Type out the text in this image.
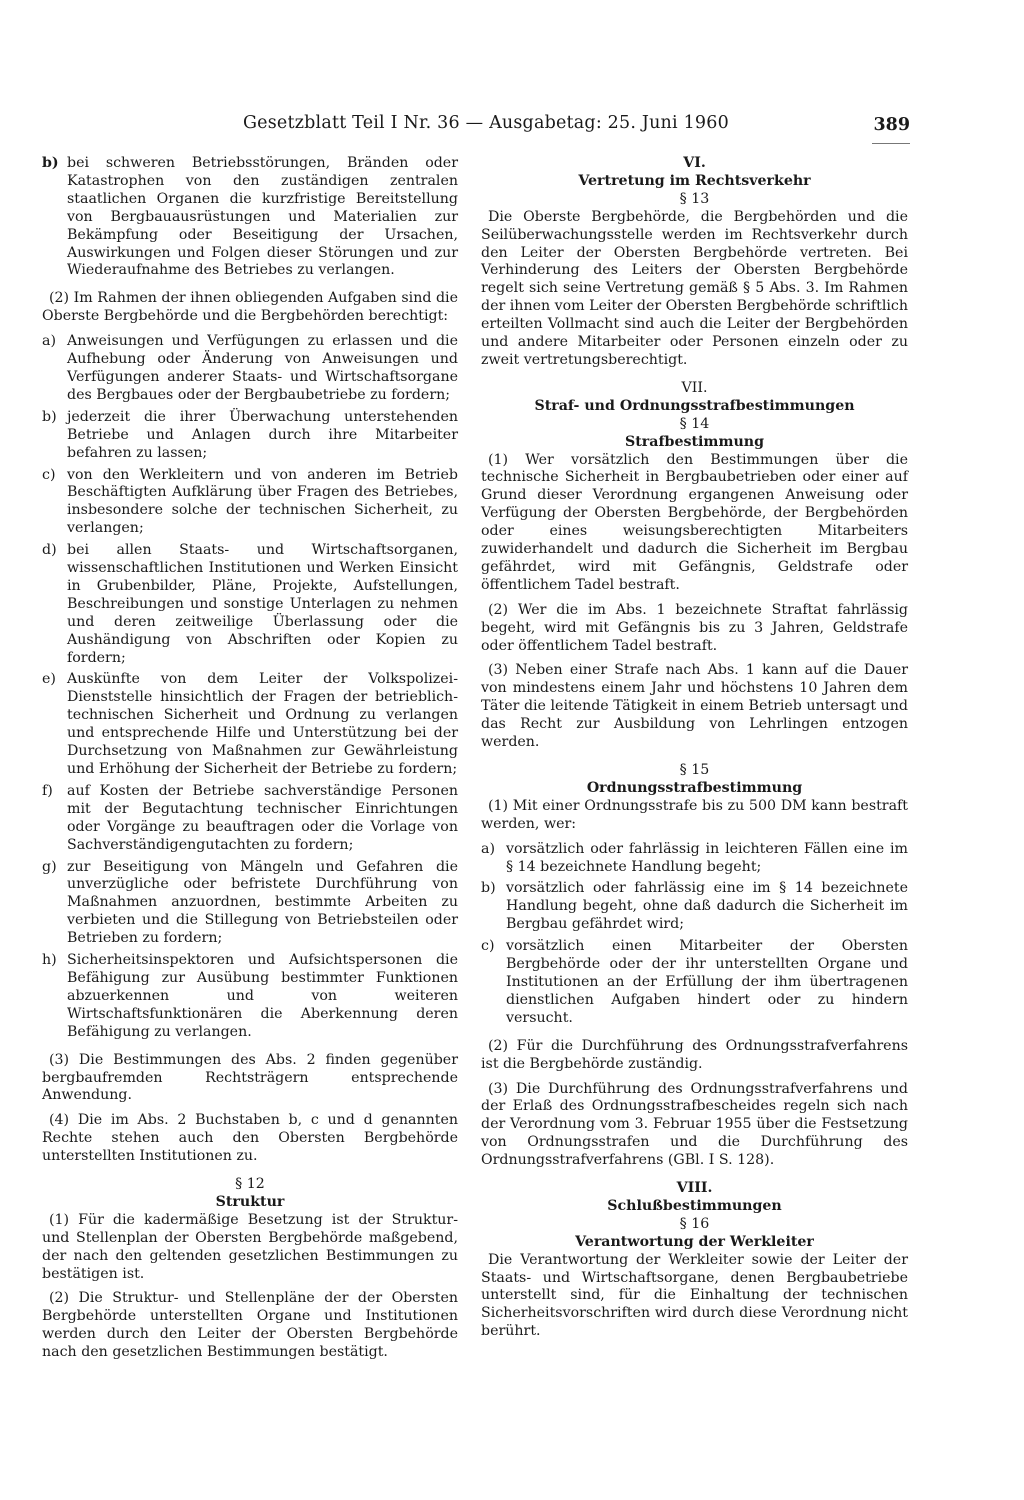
Gesetzblatt Teil I Nr. 36 — Ausgabetag: 25. Juni 1960	389
b) bei schweren Betriebsstörungen, Bränden oder Katastrophen von den zuständigen zentralen staatlichen Organen die kurzfristige Bereitstellung von Bergbauausrüstungen und Materialien zur Bekämpfung oder Beseitigung der Ursachen, Auswirkungen und Folgen dieser Störungen und zur Wiederaufnahme des Betriebes zu verlangen.

(2) Im Rahmen der ihnen obliegenden Aufgaben sind die Oberste Bergbehörde und die Bergbehörden berechtigt:

a) Anweisungen und Verfügungen zu erlassen und die Aufhebung oder Änderung von Anweisungen und Verfügungen anderer Staats- und Wirtschaftsorgane des Bergbaues oder der Bergbaubetriebe zu fordern;
b) jederzeit die ihrer Überwachung unterstehenden Betriebe und Anlagen durch ihre Mitarbeiter befahren zu lassen;
c) von den Werkleitern und von anderen im Betrieb Beschäftigten Aufklärung über Fragen des Betriebes, insbesondere solche der technischen Sicherheit, zu verlangen;
d) bei allen Staats- und Wirtschaftsorganen, wissenschaftlichen Institutionen und Werken Einsicht in Grubenbilder, Pläne, Projekte, Aufstellungen, Beschreibungen und sonstige Unterlagen zu nehmen und deren zeitweilige Überlassung oder die Aushändigung von Abschriften oder Kopien zu fordern;
e) Auskünfte von dem Leiter der Volkspolizei-Dienststelle hinsichtlich der Fragen der betrieblich-technischen Sicherheit und Ordnung zu verlangen und entsprechende Hilfe und Unterstützung bei der Durchsetzung von Maßnahmen zur Gewährleistung und Erhöhung der Sicherheit der Betriebe zu fordern;
f)	auf Kosten der Betriebe sachverständige Personen mit der Begutachtung technischer Einrichtungen oder Vorgänge zu beauftragen oder die Vorlage von Sachverständigengutachten zu fordern;
g) zur Beseitigung von Mängeln und Gefahren die unverzügliche oder befristete Durchführung von Maßnahmen anzuordnen, bestimmte Arbeiten zu verbieten und die Stillegung von Betriebsteilen oder Betrieben zu fordern;
h) Sicherheitsinspektoren und Aufsichtspersonen die Befähigung zur Ausübung bestimmter Funktionen abzuerkennen und von weiteren Wirtschaftsfunktionären die Aberkennung deren Befähigung zu verlangen.

(3) Die Bestimmungen des Abs. 2 finden gegenüber bergbaufremden Rechtsträgern entsprechende Anwendung.

(4) Die im Abs. 2 Buchstaben b, c und d genannten Rechte stehen auch den Obersten Bergbehörde unterstellten Institutionen zu.

§ 12

Struktur

(1) Für die kadermäßige Besetzung ist der Struktur- und Stellenplan der Obersten Bergbehörde maßgebend, der nach den geltenden gesetzlichen Bestimmungen zu bestätigen ist.

(2) Die Struktur- und Stellenpläne der der Obersten Bergbehörde unterstellten Organe und Institutionen werden durch den Leiter der Obersten Bergbehörde nach den gesetzlichen Bestimmungen bestätigt.

VI.

Vertretung im Rechtsverkehr

§ 13

Die Oberste Bergbehörde, die Bergbehörden und die Seilüberwachungsstelle werden im Rechtsverkehr durch den Leiter der Obersten Bergbehörde vertreten. Bei Verhinderung des Leiters der Obersten Bergbehörde regelt sich seine Vertretung gemäß § 5 Abs. 3. Im Rahmen der ihnen vom Leiter der Obersten Bergbehörde schriftlich erteilten Vollmacht sind auch die Leiter der Bergbehörden und andere Mitarbeiter oder Personen einzeln oder zu zweit vertretungsberechtigt.

VII.

Straf- und Ordnungsstrafbestimmungen

§ 14

Strafbestimmung

(1) Wer vorsätzlich den Bestimmungen über die technische Sicherheit in Bergbaubetrieben oder einer auf Grund dieser Verordnung ergangenen Anweisung oder Verfügung der Obersten Bergbehörde, der Bergbehörden oder eines weisungsberechtigten Mitarbeiters zuwiderhandelt und dadurch die Sicherheit im Bergbau gefährdet, wird mit Gefängnis, Geldstrafe oder öffentlichem Tadel bestraft.

(2) Wer die im Abs. 1 bezeichnete Straftat fahrlässig begeht, wird mit Gefängnis bis zu 3 Jahren, Geldstrafe oder öffentlichem Tadel bestraft.

(3) Neben einer Strafe nach Abs. 1 kann auf die Dauer von mindestens einem Jahr und höchstens 10 Jahren dem Täter die leitende Tätigkeit in einem Betrieb untersagt und das Recht zur Ausbildung von Lehrlingen entzogen werden.

§ 15

Ordnungsstrafbestimmung

(1) Mit einer Ordnungsstrafe bis zu 500 DM kann bestraft werden, wer:

a) vorsätzlich oder fahrlässig in leichteren Fällen eine im § 14 bezeichnete Handlung begeht;
b) vorsätzlich oder fahrlässig eine im § 14 bezeichnete Handlung begeht, ohne daß dadurch die Sicherheit im Bergbau gefährdet wird;
c) vorsätzlich einen Mitarbeiter der Obersten Bergbehörde oder der ihr unterstellten Organe und Institutionen an der Erfüllung der ihm übertragenen dienstlichen Aufgaben hindert oder zu hindern versucht.

(2) Für die Durchführung des Ordnungsstrafverfahrens ist die Bergbehörde zuständig.

(3) Die Durchführung des Ordnungsstrafverfahrens und der Erlaß des Ordnungsstrafbescheides regeln sich nach der Verordnung vom 3. Februar 1955 über die Festsetzung von Ordnungsstrafen und die Durchführung des Ordnungsstrafverfahrens (GBl. I S. 128).

VIII.

Schlußbestimmungen

§ 16

Verantwortung der Werkleiter

Die Verantwortung der Werkleiter sowie der Leiter der Staats- und Wirtschaftsorgane, denen Bergbaubetriebe unterstellt sind, für die Einhaltung der technischen Sicherheitsvorschriften wird durch diese Verordnung nicht berührt.
